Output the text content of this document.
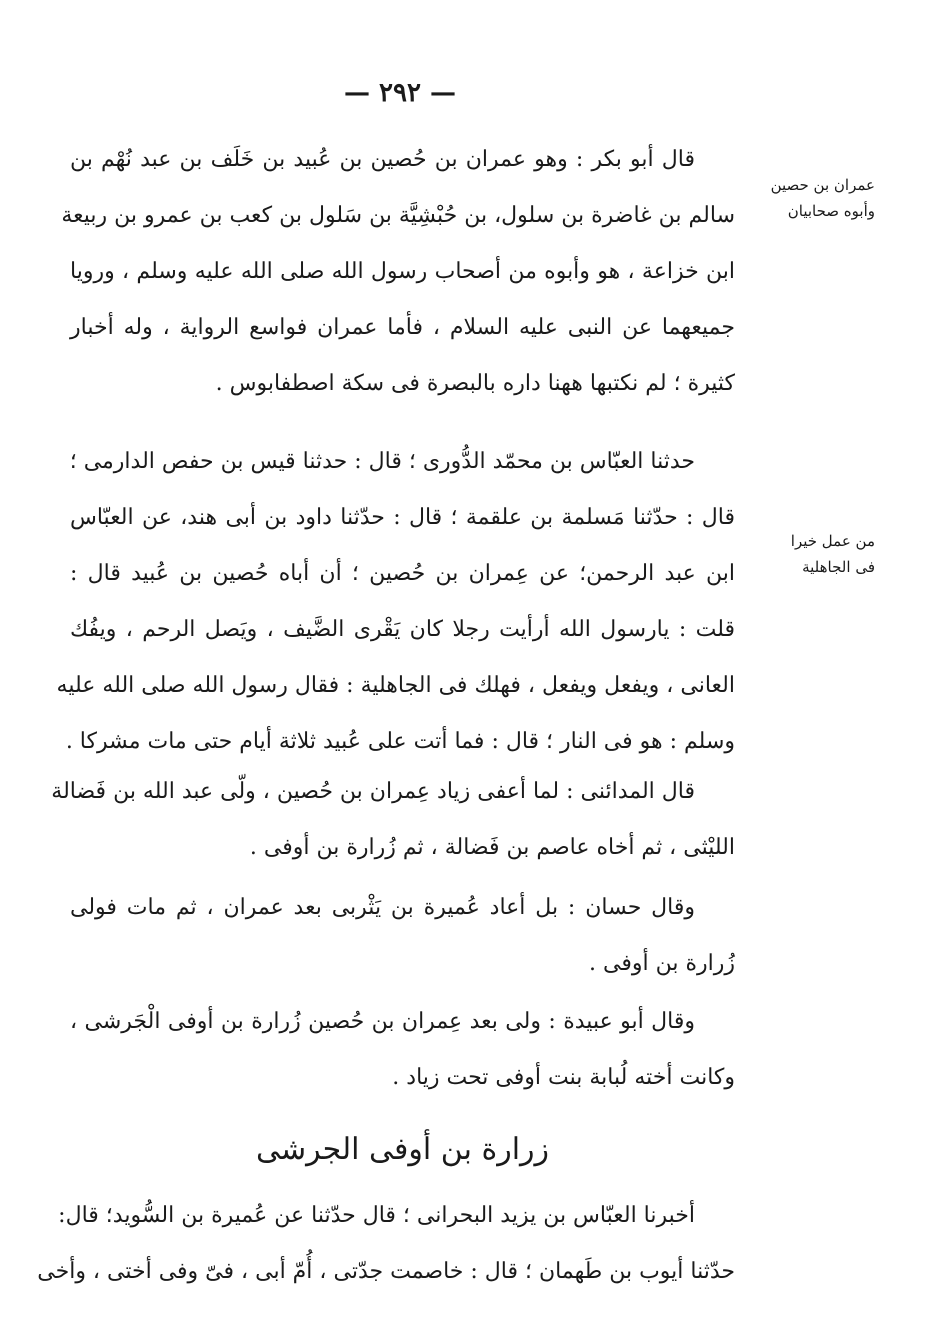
— ٢٩٢ —
عمران بن حصين
وأبوه صحابيان
من عمل خيرا
فى الجاهلية
قال أبو بكر : وهو عمران بن حُصين بن عُبيد بن خَلَف بن عبد نُهْم بن
سالم بن غاضرة بن سلول، بن حُبْشِيَّة بن سَلول بن كعب بن عمرو بن ربيعة
ابن خزاعة ، هو وأبوه من أصحاب رسول الله صلى الله عليه وسلم ، ورويا
جميعهما عن النبى عليه السلام ، فأما عمران فواسع الرواية ، وله أخبار
كثيرة ؛ لم نكتبها ههنا داره بالبصرة فى سكة اصطفابوس .
حدثنا العبّاس بن محمّد الدُّورى ؛ قال : حدثنا قيس بن حفص الدارمى ؛
قال : حدّثنا مَسلمة بن علقمة ؛ قال : حدّثنا داود بن أبى هند، عن العبّاس
ابن عبد الرحمن؛ عن عِمران بن حُصين ؛ أن أباه حُصين بن عُبيد قال :
قلت : يارسول الله أرأيت رجلا كان يَقْرى الضَّيف ، ويَصل الرحم ، ويفُك
العانى ، ويفعل ويفعل ، فهلك فى الجاهلية : فقال رسول الله صلى الله عليه
وسلم : هو فى النار ؛ قال : فما أتت على عُبيد ثلاثة أيام حتى مات مشركا .
قال المدائنى : لما أعفى زياد عِمران بن حُصين ، ولّى عبد الله بن فَضالة
الليْثى ، ثم أخاه عاصم بن فَضالة ، ثم زُرارة بن أوفى .
وقال حسان : بل أعاد عُميرة بن يَثْربى بعد عمران ، ثم مات فولى
زُرارة بن أوفى .
وقال أبو عبيدة : ولى بعد عِمران بن حُصين زُرارة بن أوفى الْجَرشى ،
وكانت أخته لُبابة بنت أوفى تحت زياد .
زرارة بن أوفى الجرشى
أخبرنا العبّاس بن يزيد البحرانى ؛ قال حدّثنا عن عُميرة بن السُّويد؛ قال:
حدّثنا أيوب بن طَهمان ؛ قال : خاصمت جدّتى ، أُمّ أبى ، فىّ وفى أختى ، وأخى
